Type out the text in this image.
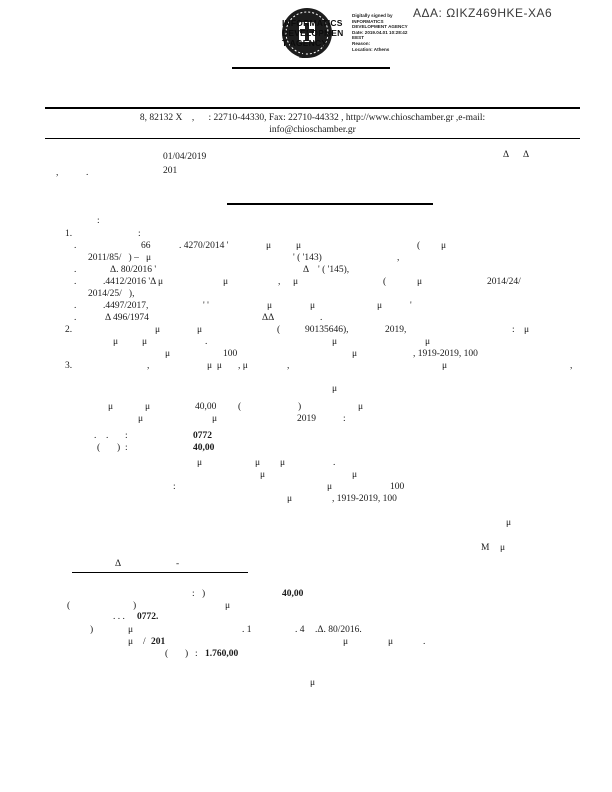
INFORMATICS
DEVELOPMEN
T AGENCY
Digitally signed by
INFORMATICS
DEVELOPMENT AGENCY
Date: 2019.04.01 10:28:42
EEST
Reason:
Location: Athens
ΑΔΑ: ΩΙΚΖ469ΗΚΕ-ΧΑ6
Δ
8, 82132 Χ    ,      : 22710-44330, Fax: 22710-44332 , http://www.chioschamber.gr ,e-mail:
info@chioschamber.gr
01/04/2019
201
,	.
Δ Δ
:
1.	:
.	66	. 4270/2014 '	μ	μ	( μ
2011/85/   ) –   μ	' ( '143)	,
.	Δ. 80/2016 '	Δ ' ( '145),
.	.4412/2016 'Δ μ	μ	, μ	(	μ	2014/24/
2014/25/   ),
.	.4497/2017,	' '	μ	μ	μ	'
.	Δ 496/1974	ΔΔ	.
2.	μ	μ	(	90135646),	2019,	: μ
μ	μ	.	μ	μ
μ	100	μ	, 1919-2019, 100
3.	,	μ  μ , μ	,	μ	,
μ
μ	μ	40,00 (	)	μ
μ	μ	2019	:
. . :	0772
( ) :	40,00
μ	μ μ	.
μ	μ
:	μ	100
μ	, 1919-2019, 100
μ
Μ μ
Δ	-
: )	40,00
(	)	μ
. . . 0772.
)	μ	. 1	. 4 .Δ. 80/2016.
μ / 201	μ	μ	.
( ) : 1.760,00
μ
